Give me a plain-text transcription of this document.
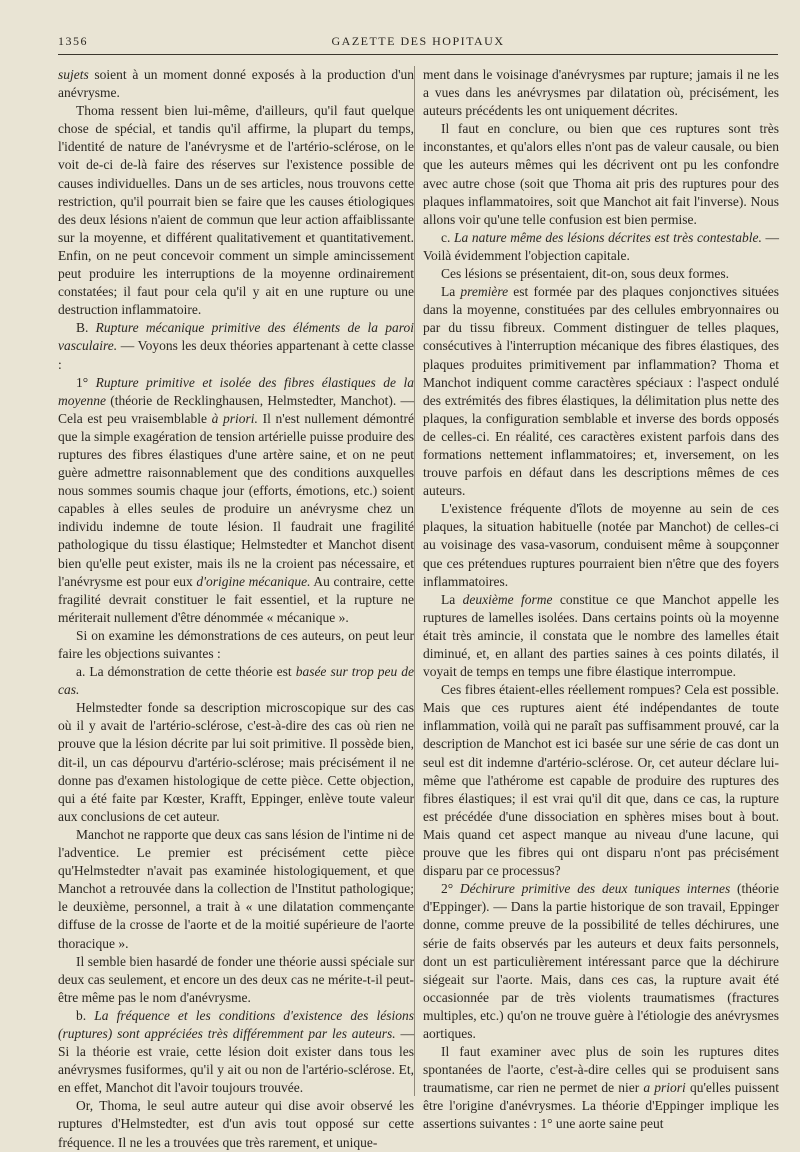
1356	GAZETTE DES HOPITAUX

sujets soient à un moment donné exposés à la production d'un anévrysme.

Thoma ressent bien lui-même, d'ailleurs, qu'il faut quelque chose de spécial, et tandis qu'il affirme, la plupart du temps, l'identité de nature de l'anévrysme et de l'artério-sclérose, on le voit de-ci de-là faire des réserves sur l'existence possible de causes individuelles. Dans un de ses articles, nous trouvons cette restriction, qu'il pourrait bien se faire que les causes étiologiques des deux lésions n'aient de commun que leur action affaiblissante sur la moyenne, et différent qualitativement et quantitativement. Enfin, on ne peut concevoir comment un simple amincissement peut produire les interruptions de la moyenne ordinairement constatées; il faut pour cela qu'il y ait en une rupture ou une destruction inflammatoire.

B. Rupture mécanique primitive des éléments de la paroi vasculaire. — Voyons les deux théories appartenant à cette classe :

1° Rupture primitive et isolée des fibres élastiques de la moyenne (théorie de Recklinghausen, Helmstedter, Manchot). — Cela est peu vraisemblable à priori. Il n'est nullement démontré que la simple exagération de tension artérielle puisse produire des ruptures des fibres élastiques d'une artère saine, et on ne peut guère admettre raisonnablement que des conditions auxquelles nous sommes soumis chaque jour (efforts, émotions, etc.) soient capables à elles seules de produire un anévrysme chez un individu indemne de toute lésion. Il faudrait une fragilité pathologique du tissu élastique; Helmstedter et Manchot disent bien qu'elle peut exister, mais ils ne la croient pas nécessaire, et l'anévrysme est pour eux d'origine mécanique. Au contraire, cette fragilité devrait constituer le fait essentiel, et la rupture ne mériterait nullement d'être dénommée « mécanique ».

Si on examine les démonstrations de ces auteurs, on peut leur faire les objections suivantes :

a. La démonstration de cette théorie est basée sur trop peu de cas.

Helmstedter fonde sa description microscopique sur des cas où il y avait de l'artério-sclérose, c'est-à-dire des cas où rien ne prouve que la lésion décrite par lui soit primitive. Il possède bien, dit-il, un cas dépourvu d'artério-sclérose; mais précisément il ne donne pas d'examen histologique de cette pièce. Cette objection, qui a été faite par Kœster, Krafft, Eppinger, enlève toute valeur aux conclusions de cet auteur.

Manchot ne rapporte que deux cas sans lésion de l'intime ni de l'adventice. Le premier est précisément cette pièce qu'Helmstedter n'avait pas examinée histologiquement, et que Manchot a retrouvée dans la collection de l'Institut pathologique; le deuxième, personnel, a trait à « une dilatation commençante diffuse de la crosse de l'aorte et de la moitié supérieure de l'aorte thoracique ».

Il semble bien hasardé de fonder une théorie aussi spéciale sur deux cas seulement, et encore un des deux cas ne mérite-t-il peut-être même pas le nom d'anévrysme.

b. La fréquence et les conditions d'existence des lésions (ruptures) sont appréciées très différemment par les auteurs. — Si la théorie est vraie, cette lésion doit exister dans tous les anévrysmes fusiformes, qu'il y ait ou non de l'artério-sclérose. Et, en effet, Manchot dit l'avoir toujours trouvée.

Or, Thoma, le seul autre auteur qui dise avoir observé les ruptures d'Helmstedter, est d'un avis tout opposé sur cette fréquence. Il ne les a trouvées que très rarement, et unique-

ment dans le voisinage d'anévrysmes par rupture; jamais il ne les a vues dans les anévrysmes par dilatation où, précisément, les auteurs précédents les ont uniquement décrites.

Il faut en conclure, ou bien que ces ruptures sont très inconstantes, et qu'alors elles n'ont pas de valeur causale, ou bien que les auteurs mêmes qui les décrivent ont pu les confondre avec autre chose (soit que Thoma ait pris des ruptures pour des plaques inflammatoires, soit que Manchot ait fait l'inverse). Nous allons voir qu'une telle confusion est bien permise.

c. La nature même des lésions décrites est très contestable. — Voilà évidemment l'objection capitale.

Ces lésions se présentaient, dit-on, sous deux formes.

La première est formée par des plaques conjonctives situées dans la moyenne, constituées par des cellules embryonnaires ou par du tissu fibreux. Comment distinguer de telles plaques, consécutives à l'interruption mécanique des fibres élastiques, des plaques produites primitivement par inflammation? Thoma et Manchot indiquent comme caractères spéciaux : l'aspect ondulé des extrémités des fibres élastiques, la délimitation plus nette des plaques, la configuration semblable et inverse des bords opposés de celles-ci. En réalité, ces caractères existent parfois dans des formations nettement inflammatoires; et, inversement, on les trouve parfois en défaut dans les descriptions mêmes de ces auteurs.

L'existence fréquente d'îlots de moyenne au sein de ces plaques, la situation habituelle (notée par Manchot) de celles-ci au voisinage des vasa-vasorum, conduisent même à soupçonner que ces prétendues ruptures pourraient bien n'être que des foyers inflammatoires.

La deuxième forme constitue ce que Manchot appelle les ruptures de lamelles isolées. Dans certains points où la moyenne était très amincie, il constata que le nombre des lamelles était diminué, et, en allant des parties saines à ces points dilatés, il voyait de temps en temps une fibre élastique interrompue.

Ces fibres étaient-elles réellement rompues? Cela est possible. Mais que ces ruptures aient été indépendantes de toute inflammation, voilà qui ne paraît pas suffisamment prouvé, car la description de Manchot est ici basée sur une série de cas dont un seul est dit indemne d'artério-sclérose. Or, cet auteur déclare lui-même que l'athérome est capable de produire des ruptures des fibres élastiques; il est vrai qu'il dit que, dans ce cas, la rupture est précédée d'une dissociation en sphères mises bout à bout. Mais quand cet aspect manque au niveau d'une lacune, qui prouve que les fibres qui ont disparu n'ont pas précisément disparu par ce processus?

2° Déchirure primitive des deux tuniques internes (théorie d'Eppinger). — Dans la partie historique de son travail, Eppinger donne, comme preuve de la possibilité de telles déchirures, une série de faits observés par les auteurs et deux faits personnels, dont un est particulièrement intéressant parce que la déchirure siégeait sur l'aorte. Mais, dans ces cas, la rupture avait été occasionnée par de très violents traumatismes (fractures multiples, etc.) qu'on ne trouve guère à l'étiologie des anévrysmes aortiques.

Il faut examiner avec plus de soin les ruptures dites spontanées de l'aorte, c'est-à-dire celles qui se produisent sans traumatisme, car rien ne permet de nier a priori qu'elles puissent être l'origine d'anévrysmes. La théorie d'Eppinger implique les assertions suivantes : 1° une aorte saine peut
